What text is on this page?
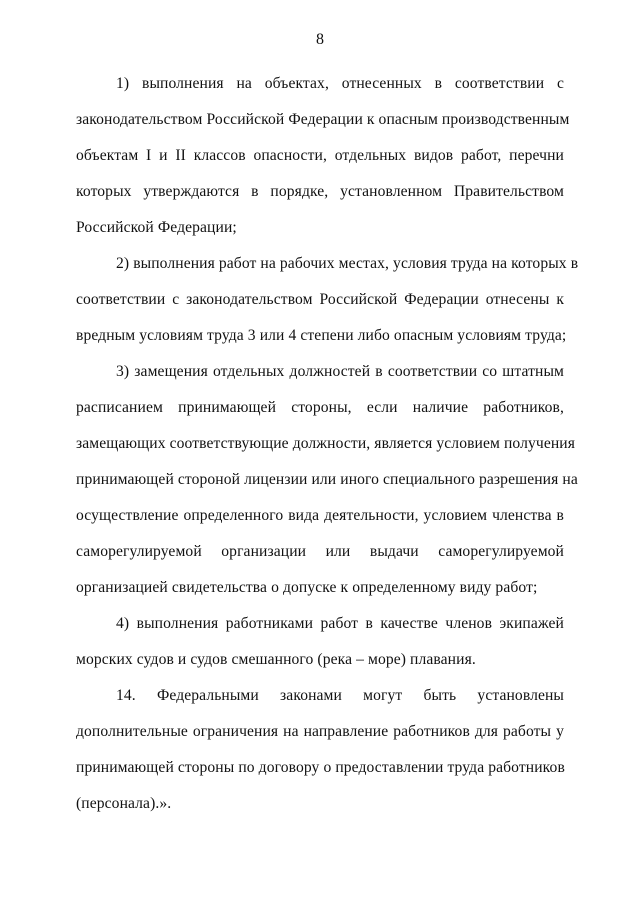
8
1) выполнения на объектах, отнесенных в соответствии с
законодательством Российской Федерации к опасным производственным
объектам I и II классов опасности, отдельных видов работ, перечни
которых утверждаются в порядке, установленном Правительством
Российской Федерации;
2) выполнения работ на рабочих местах, условия труда на которых в
соответствии с законодательством Российской Федерации отнесены к
вредным условиям труда 3 или 4 степени либо опасным условиям труда;
3) замещения отдельных должностей в соответствии со штатным
расписанием принимающей стороны, если наличие работников,
замещающих соответствующие должности, является условием получения
принимающей стороной лицензии или иного специального разрешения на
осуществление определенного вида деятельности, условием членства в
саморегулируемой организации или выдачи саморегулируемой
организацией свидетельства о допуске к определенному виду работ;
4) выполнения работниками работ в качестве членов экипажей
морских судов и судов смешанного (река – море) плавания.
14. Федеральными законами могут быть установлены
дополнительные ограничения на направление работников для работы у
принимающей стороны по договору о предоставлении труда работников
(персонала).».
